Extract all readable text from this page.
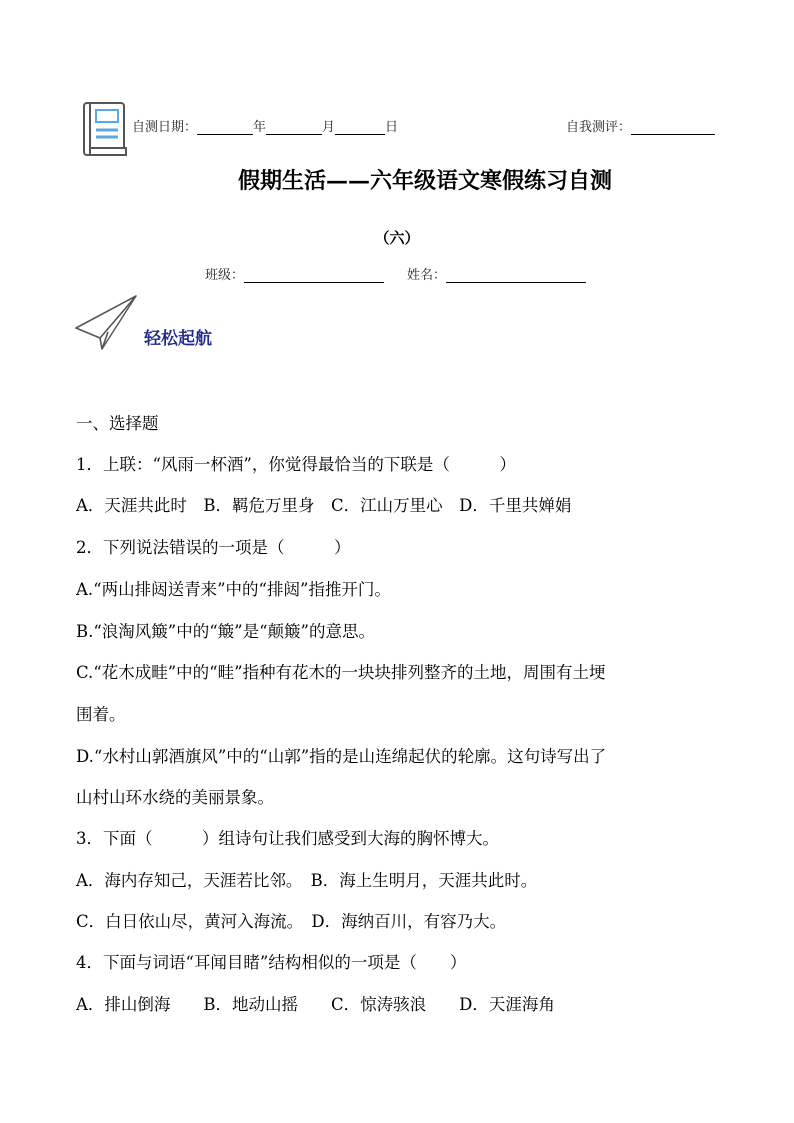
自测日期：	年	月	日	自我测评：
假期生活——六年级语文寒假练习自测
（六）
班级：	姓名：
轻松起航
一、选择题
1．上联：“风雨一杯酒”，你觉得最恰当的下联是（　　　）
A．天涯共此时　B．羁危万里身　C．江山万里心　D．千里共婵娟
2．下列说法错误的一项是（　　　）
A.“两山排闼送青来”中的“排闼”指推开门。
B.“浪淘风簸”中的“簸”是“颠簸”的意思。
C.“花木成畦”中的“畦”指种有花木的一块块排列整齐的土地，周围有土埂
围着。
D.“水村山郭酒旗风”中的“山郭”指的是山连绵起伏的轮廓。这句诗写出了
山村山环水绕的美丽景象。
3．下面（　　　）组诗句让我们感受到大海的胸怀博大。
A．海内存知己，天涯若比邻。　B．海上生明月，天涯共此时。
C．白日依山尽，黄河入海流。　D．海纳百川，有容乃大。
4．下面与词语“耳闻目睹”结构相似的一项是（　　）
A．排山倒海　　B．地动山摇　　C．惊涛骇浪　　D．天涯海角
